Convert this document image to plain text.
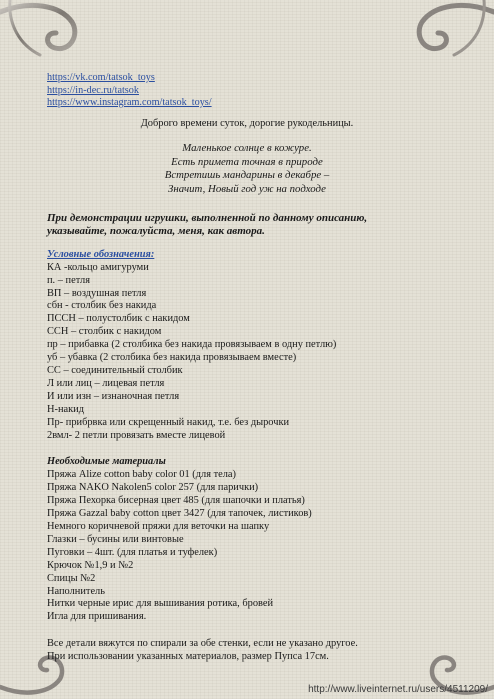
https://vk.com/tatsok_toys
https://in-dec.ru/tatsok
https://www.instagram.com/tatsok_toys/
Доброго времени суток, дорогие рукодельницы.
Маленькое солнце в кожуре.
Есть примета точная в природе
Встретишь мандарины в декабре –
Значит, Новый год уж на подходе
При демонстрации игрушки, выполненной по данному описанию,
указывайте, пожалуйста, меня, как автора.
Условные обозначения:
КА -кольцо амигуруми
п. – петля
ВП – воздушная петля
сбн - столбик без накида
ПССН – полустолбик с накидом
ССН – столбик с накидом
пр – прибавка (2 столбика без накида провязываем в одну петлю)
уб – убавка (2 столбика без накида провязываем вместе)
СС – соединительный столбик
Л или лиц – лицевая петля
И или изн – изнаночная петля
Н-накид
Пр- прибрвка или скрещенный накид, т.е. без дырочки
2вмл- 2 петли провязать вместе лицевой
Необходимые материалы
Пряжа Alize cotton baby color 01 (для тела)
Пряжа NAKO Nakolen5 color 257 (для парички)
Пряжа Пехорка бисерная цвет 485 (для шапочки и платья)
Пряжа Gazzal baby cotton цвет 3427 (для тапочек, листиков)
Немного коричневой пряжи для веточки на шапку
Глазки – бусины или винтовые
Пуговки – 4шт. (для платья и туфелек)
Крючок №1,9 и №2
Спицы №2
Наполнитель
Нитки черные ирис для вышивания ротика, бровей
Игла для пришивания.
Все детали вяжутся по спирали за обе стенки, если не указано другое.
При использовании указанных материалов, размер Пупса 17см.
http://www.liveinternet.ru/users/4511209/
